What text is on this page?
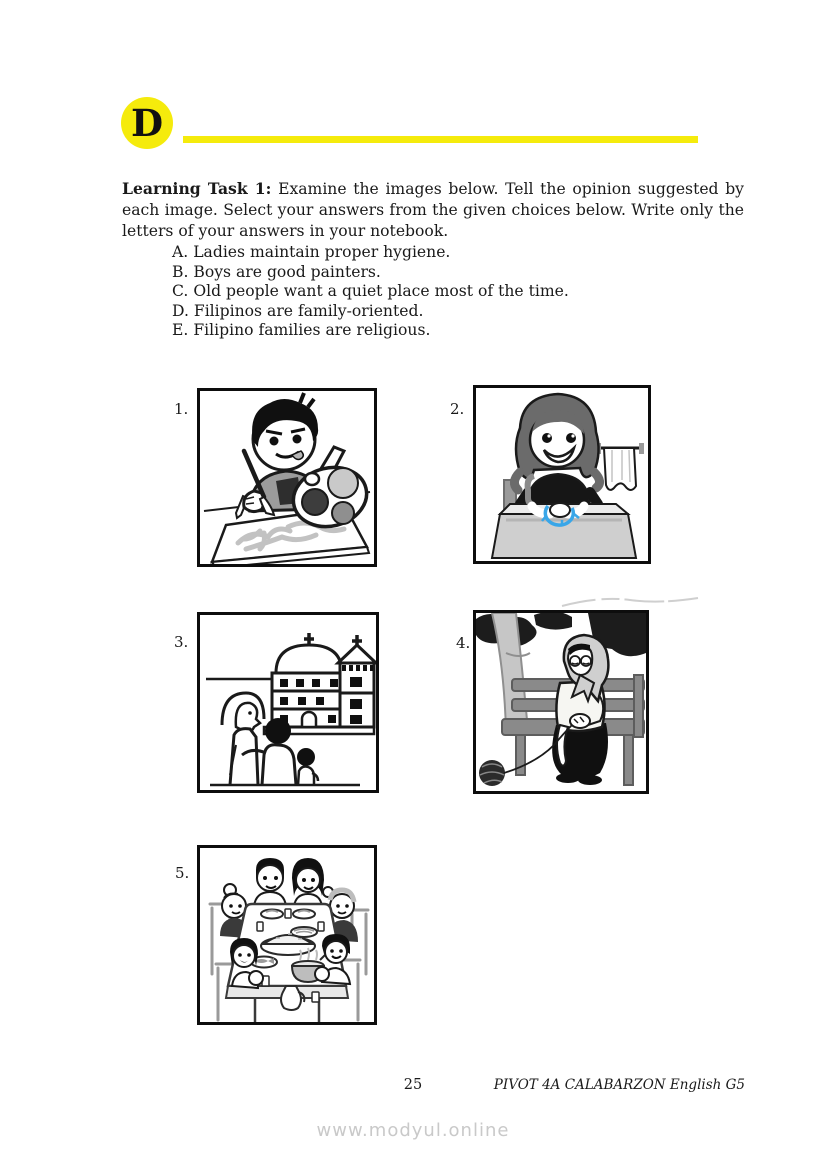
D

Learning Task 1: Examine the images below. Tell the opinion suggested by each image. Select your answers from the given choices below. Write only the letters of your answers in your notebook.

A. Ladies maintain proper hygiene.
B. Boys are good painters.
C. Old people want a quiet place most of the time.
D. Filipinos are family-oriented.
E. Filipino families are religious.
1.	2.
3.	4.
5.
25	PIVOT 4A CALABARZON English G5
www.modyul.online
